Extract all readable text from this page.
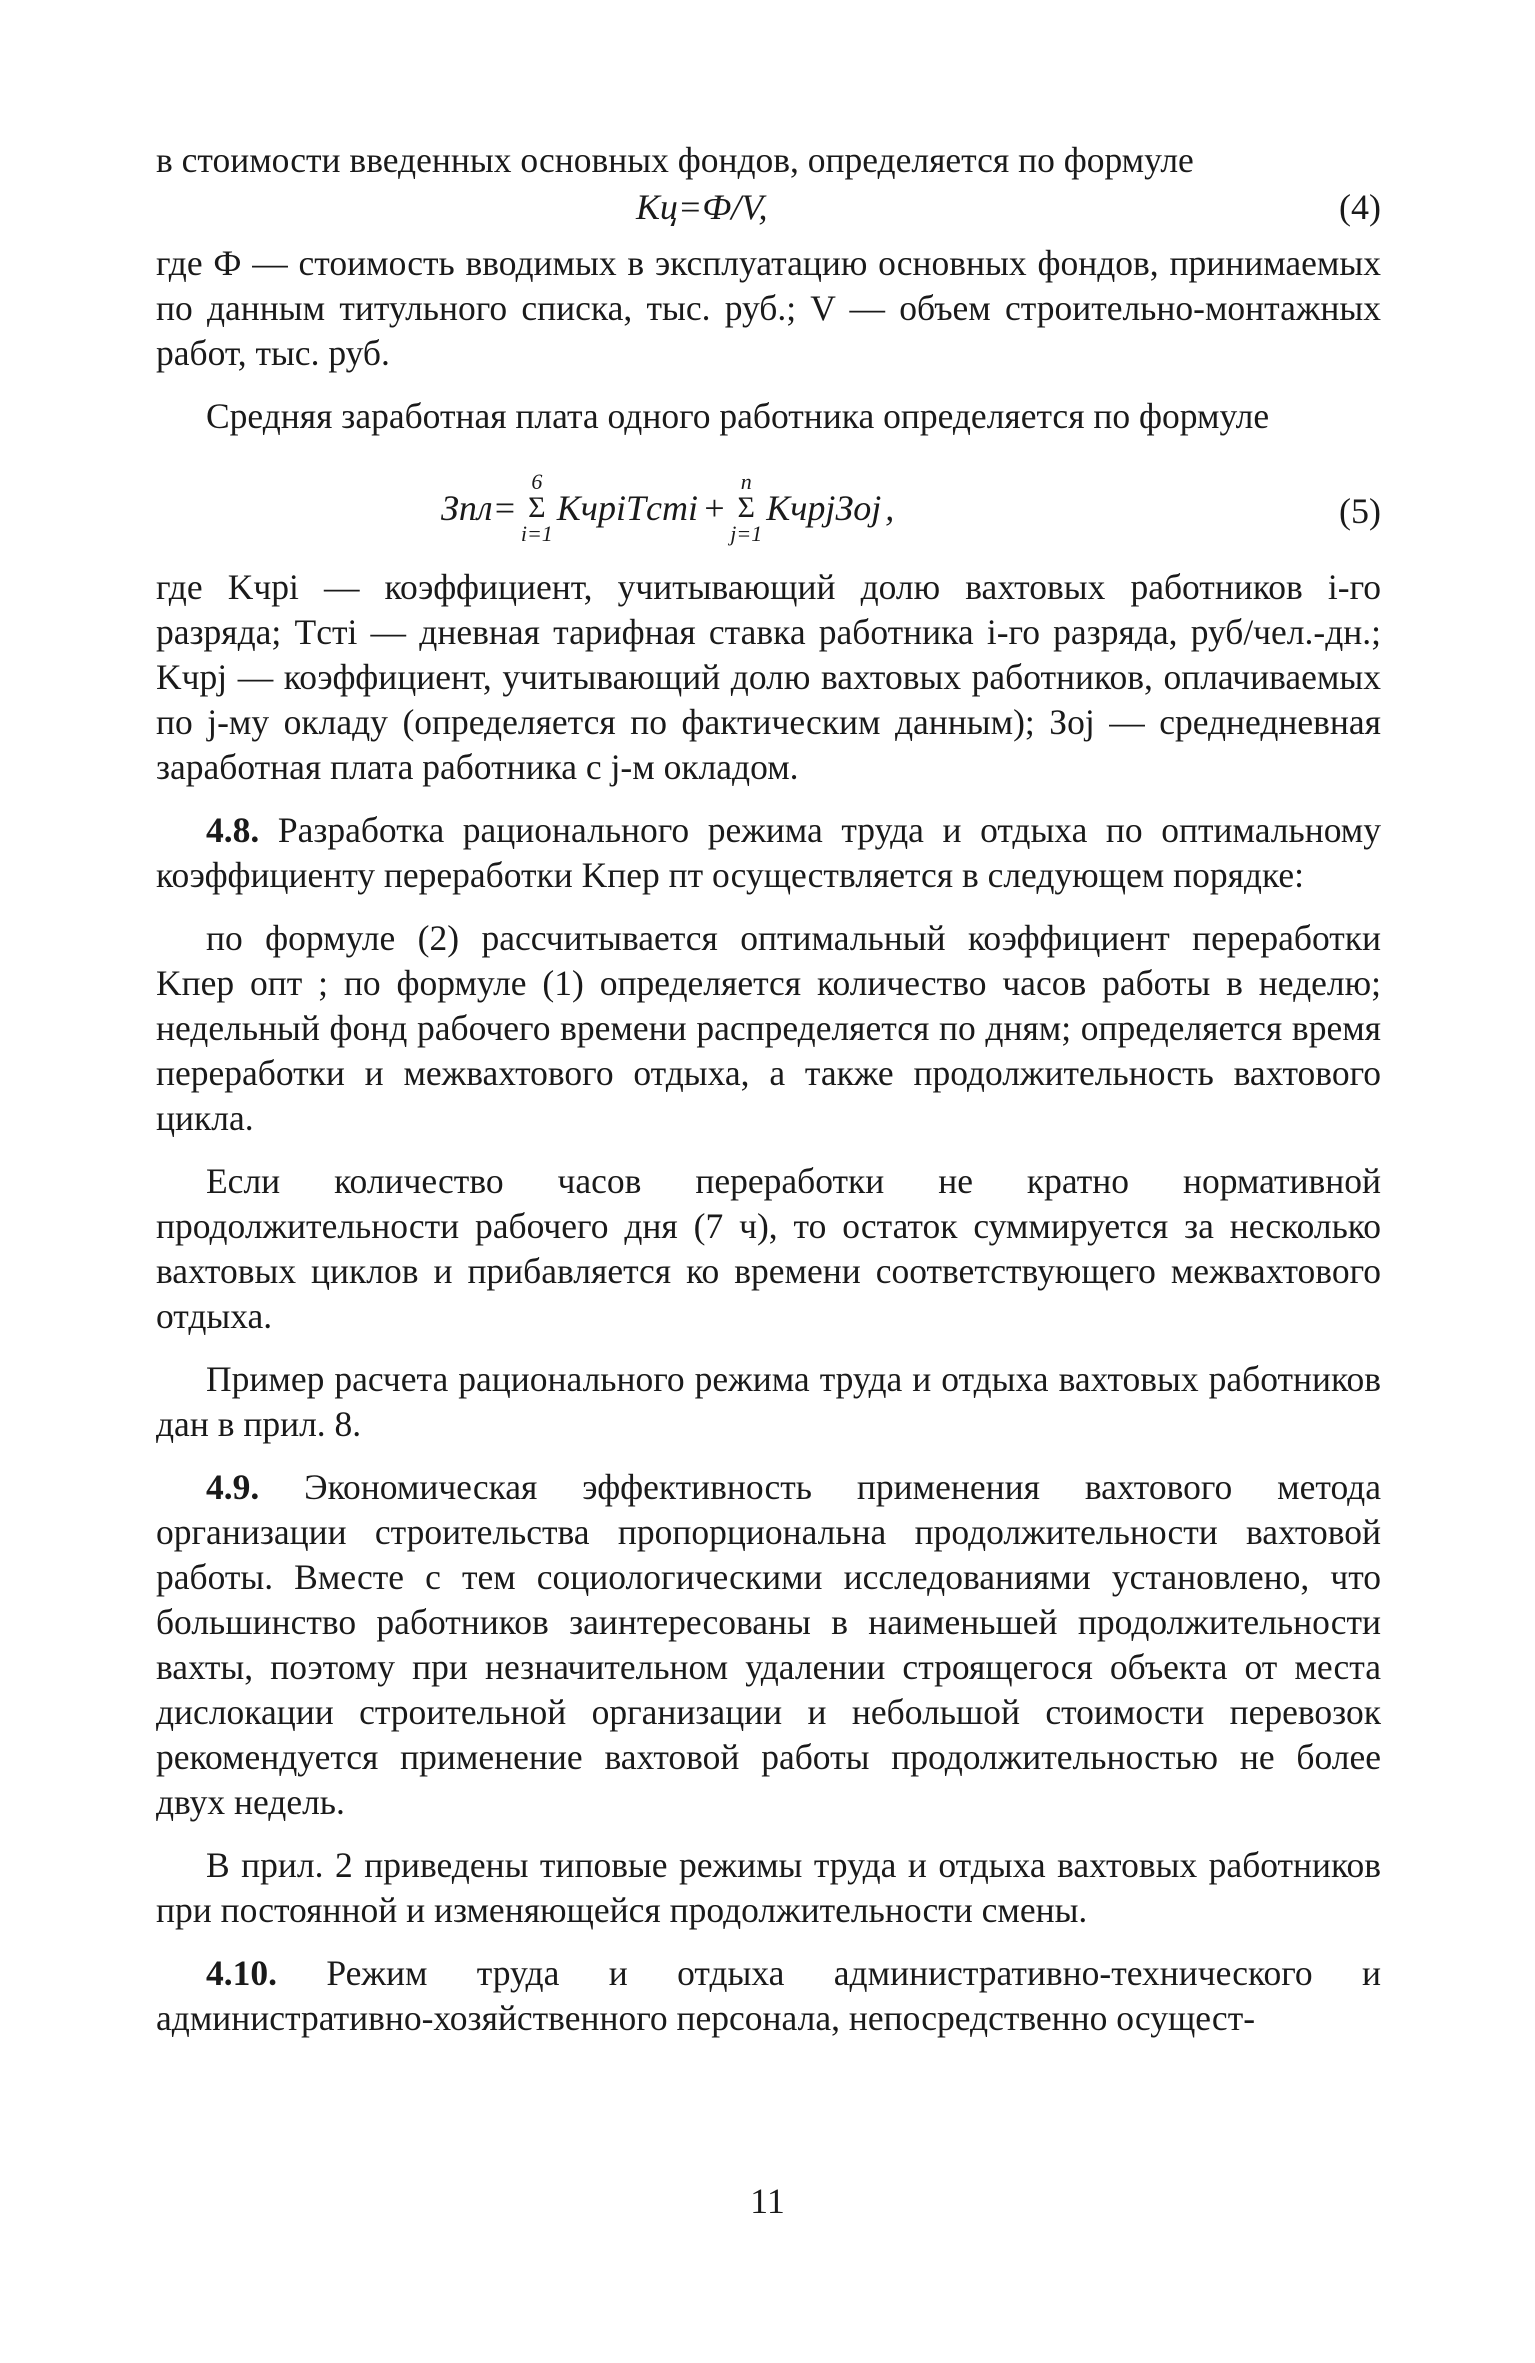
в стоимости введенных основных фондов, определяется по формуле

Кц=Ф/V,	(4)

где Ф — стоимость вводимых в эксплуатацию основных фондов, принимаемых по данным титульного списка, тыс. руб.; V — объем строительно-монтажных работ, тыс. руб.

Средняя заработная плата одного работника определяется по формуле

Зпл=
6
Σ
i=1
KчpiTстi +
n
Σ
j=1
KчpjЗoj ,	(5)

где Kчpi — коэффициент, учитывающий долю вахтовых работников i-го разряда; Tстi — дневная тарифная ставка работника i-го разряда, руб/чел.-дн.; Kчpj — коэффициент, учитывающий долю вахтовых работников, оплачиваемых по j-му окладу (определяется по фактическим данным); Зoj — среднедневная заработная плата работника с j-м окладом.

4.8. Разработка рационального режима труда и отдыха по оптимальному коэффициенту переработки Kпер пт осуществляется в следующем порядке:

по формуле (2) рассчитывается оптимальный коэффициент переработки Kпер опт ; по формуле (1) определяется количество часов работы в неделю; недельный фонд рабочего времени распределяется по дням; определяется время переработки и межвахтового отдыха, а также продолжительность вахтового цикла.

Если количество часов переработки не кратно нормативной продолжительности рабочего дня (7 ч), то остаток суммируется за несколько вахтовых циклов и прибавляется ко времени соответствующего межвахтового отдыха.

Пример расчета рационального режима труда и отдыха вахтовых работников дан в прил. 8.

4.9. Экономическая эффективность применения вахтового метода организации строительства пропорциональна продолжительности вахтовой работы. Вместе с тем социологическими исследованиями установлено, что большинство работников заинтересованы в наименьшей продолжительности вахты, поэтому при незначительном удалении строящегося объекта от места дислокации строительной организации и небольшой стоимости перевозок рекомендуется применение вахтовой работы продолжительностью не более двух недель.

В прил. 2 приведены типовые режимы труда и отдыха вахтовых работников при постоянной и изменяющейся продолжительности смены.

4.10. Режим труда и отдыха административно-технического и административно-хозяйственного персонала, непосредственно осущест-

11
